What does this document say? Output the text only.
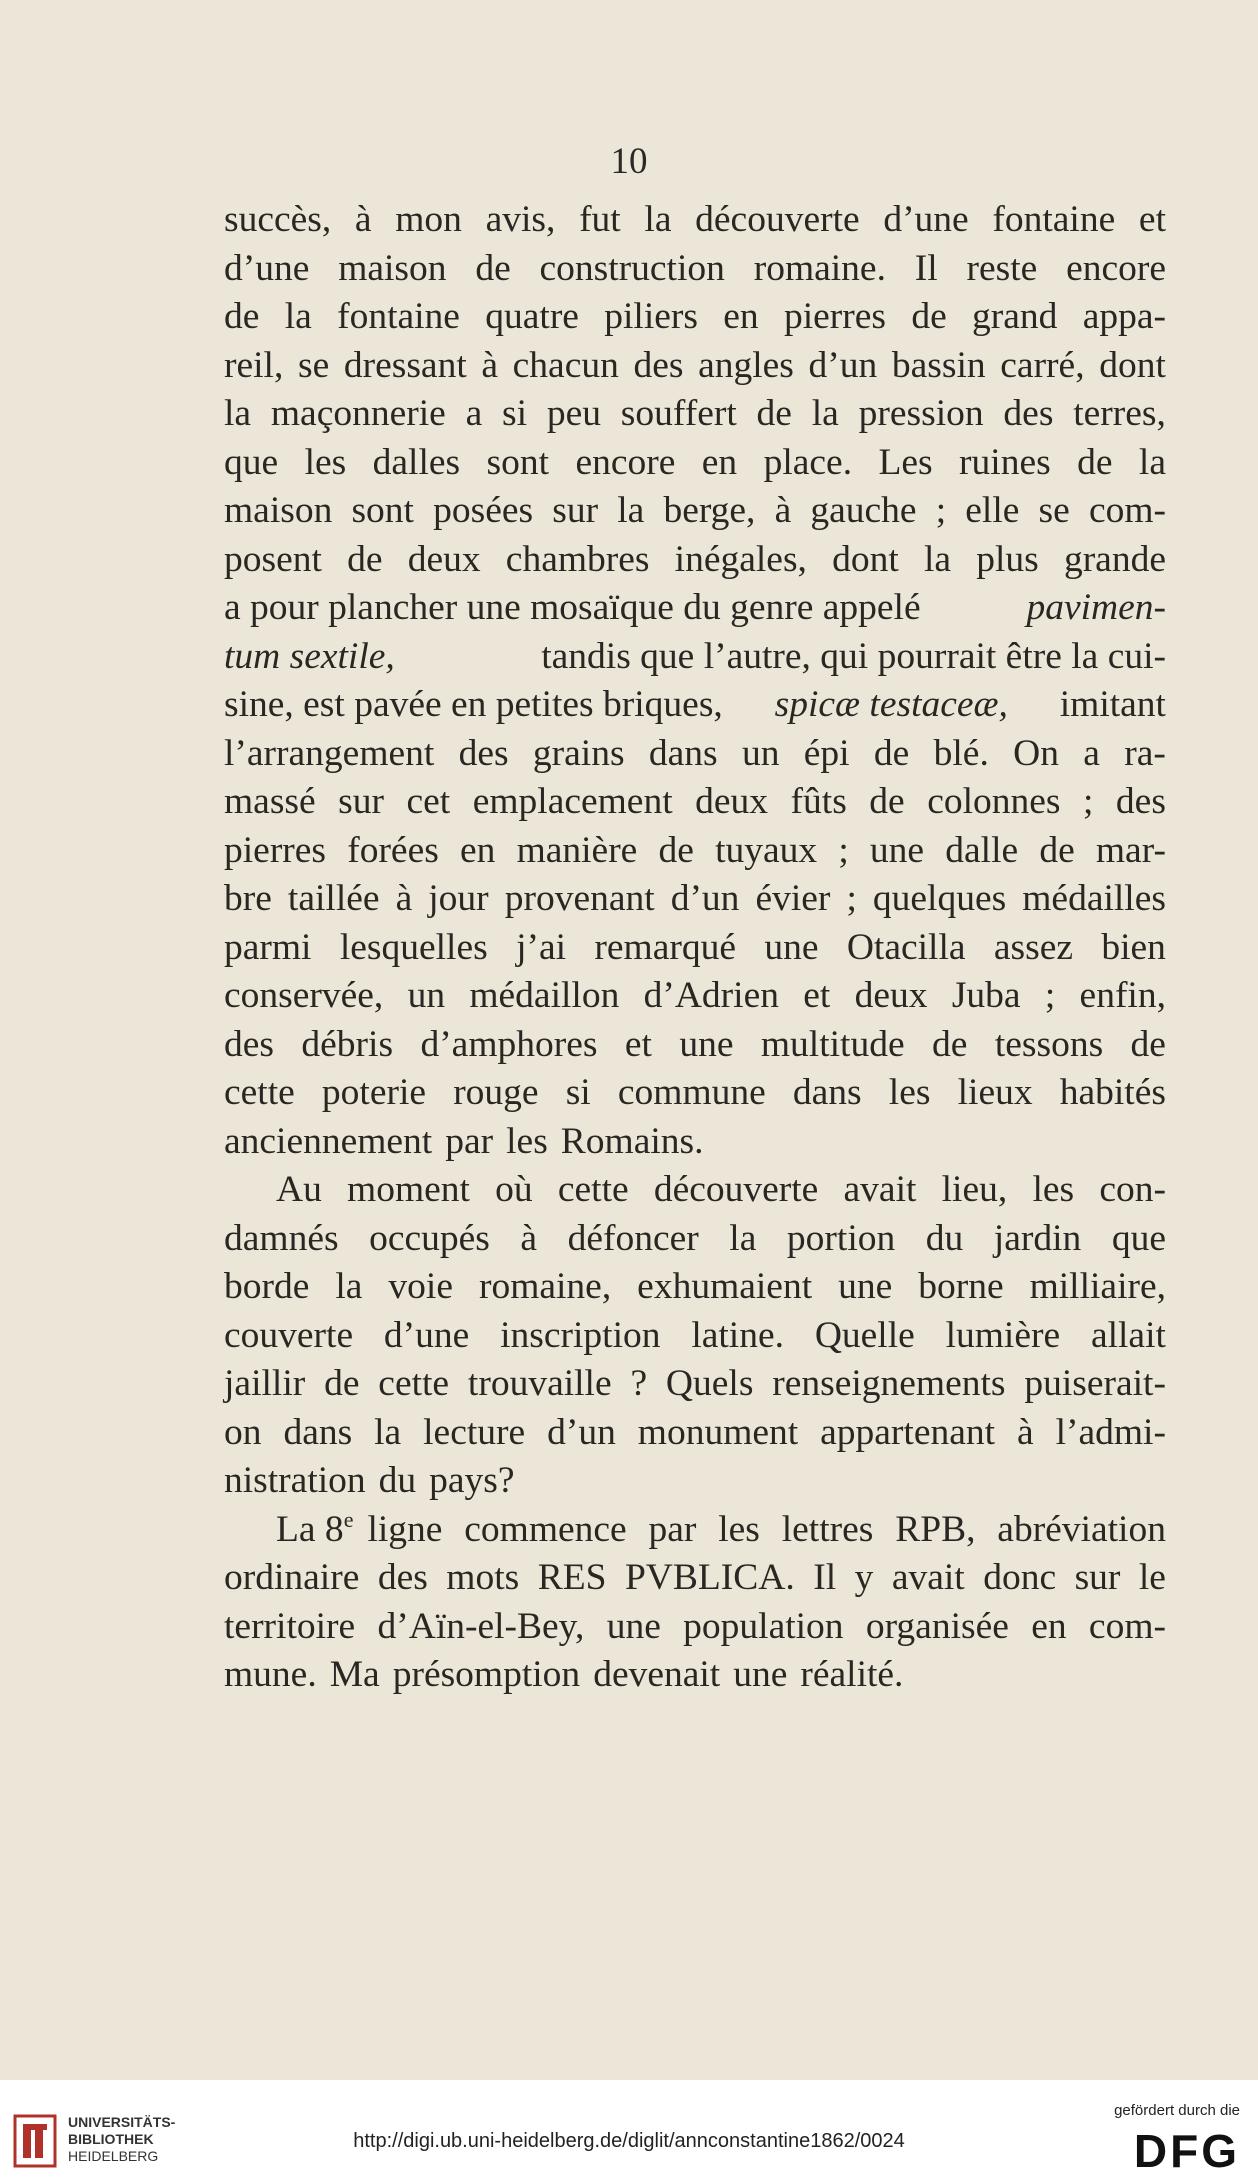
10
succès, à mon avis, fut la découverte d’une fontaine et
d’une maison de construction romaine. Il reste encore
de la fontaine quatre piliers en pierres de grand appa-
reil, se dressant à chacun des angles d’un bassin carré, dont
la maçonnerie a si peu souffert de la pression des terres,
que les dalles sont encore en place. Les ruines de la
maison sont posées sur la berge, à gauche ; elle se com-
posent de deux chambres inégales, dont la plus grande
a pour plancher une mosaïque du genre appelé	pavimen-
tum sextile,	tandis que l’autre, qui pourrait être la cui-
sine, est pavée en petites briques, spicæ testaceæ, imitant
l’arrangement des grains dans un épi de blé. On a ra-
massé sur cet emplacement deux fûts de colonnes ; des
pierres forées en manière de tuyaux ; une dalle de mar-
bre taillée à jour provenant d’un évier ; quelques médailles
parmi lesquelles j’ai remarqué une Otacilla assez bien
conservée, un médaillon d’Adrien et deux Juba ; enfin,
des débris d’amphores et une multitude de tessons de
cette poterie rouge si commune dans les lieux habités
anciennement par les Romains.
Au moment où cette découverte avait lieu, les con-
damnés occupés à défoncer la portion du jardin que
borde la voie romaine, exhumaient une borne milliaire,
couverte d’une inscription latine. Quelle lumière allait
jaillir de cette trouvaille ? Quels renseignements puiserait-
on dans la lecture d’un monument appartenant à l’admi-
nistration du pays?
La 8e ligne commence par les lettres RPB, abréviation
ordinaire des mots RES PVBLICA. Il y avait donc sur le
territoire d’Aïn-el-Bey, une population organisée en com-
mune. Ma présomption devenait une réalité.
UNIVERSITÄTS-
BIBLIOTHEK
HEIDELBERG
http://digi.ub.uni-heidelberg.de/diglit/annconstantine1862/0024
gefördert durch die
DFG
